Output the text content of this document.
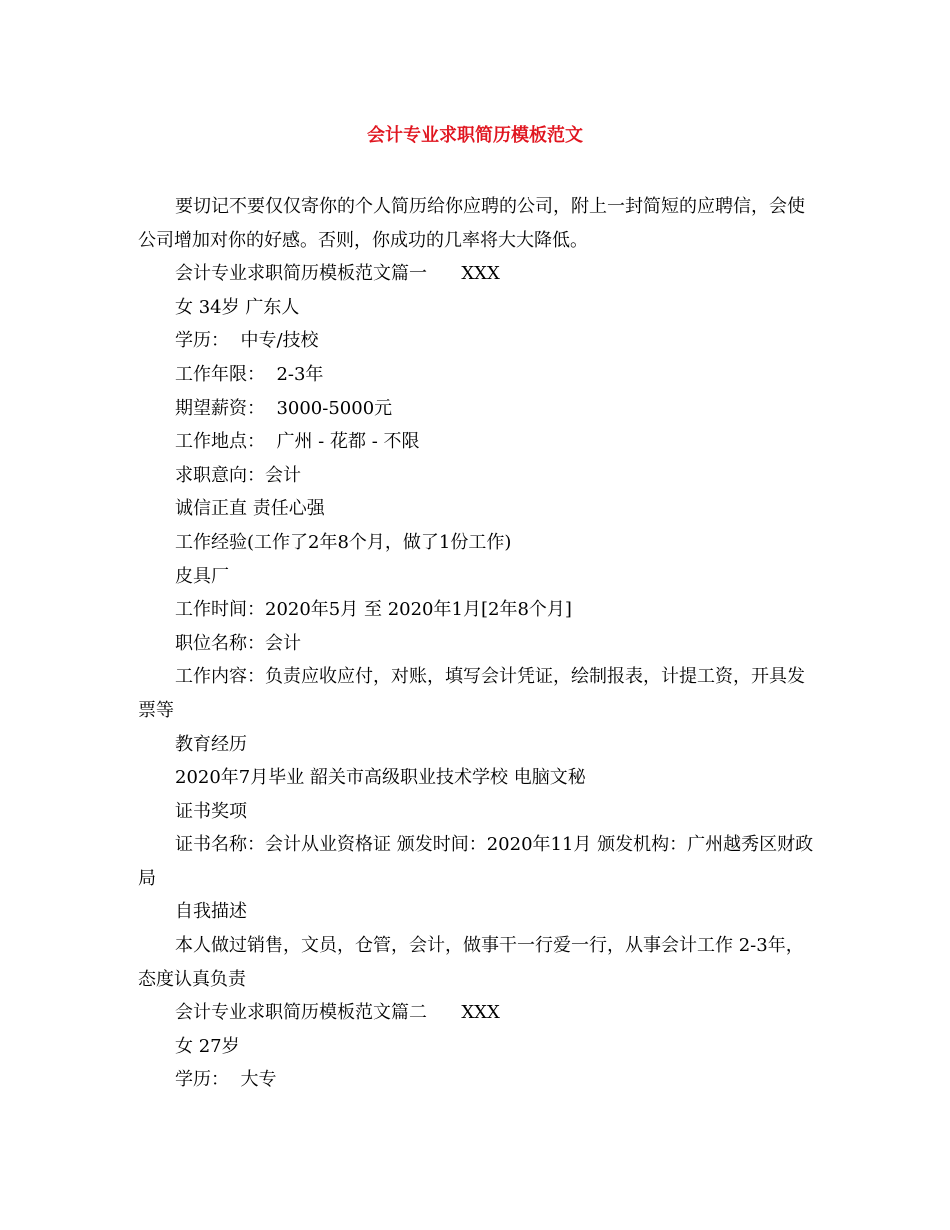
会计专业求职简历模板范文

要切记不要仅仅寄你的个人简历给你应聘的公司，附上一封简短的应聘信，会使公司增加对你的好感。否则，你成功的几率将大大降低。

会计专业求职简历模板范文篇一      XXX

女 34岁 广东人

学历：  中专/技校

工作年限：  2-3年

期望薪资：  3000-5000元

工作地点：  广州 - 花都 - 不限

求职意向：会计

诚信正直 责任心强

工作经验(工作了2年8个月，做了1份工作)

皮具厂

工作时间：2020年5月 至 2020年1月[2年8个月]

职位名称：会计

工作内容：负责应收应付，对账，填写会计凭证，绘制报表，计提工资，开具发票等

教育经历

2020年7月毕业 韶关市高级职业技术学校 电脑文秘

证书奖项

证书名称：会计从业资格证 颁发时间：2020年11月 颁发机构：广州越秀区财政局

自我描述

本人做过销售，文员，仓管，会计，做事干一行爱一行，从事会计工作 2-3年，态度认真负责

会计专业求职简历模板范文篇二      XXX

女 27岁

学历：  大专
